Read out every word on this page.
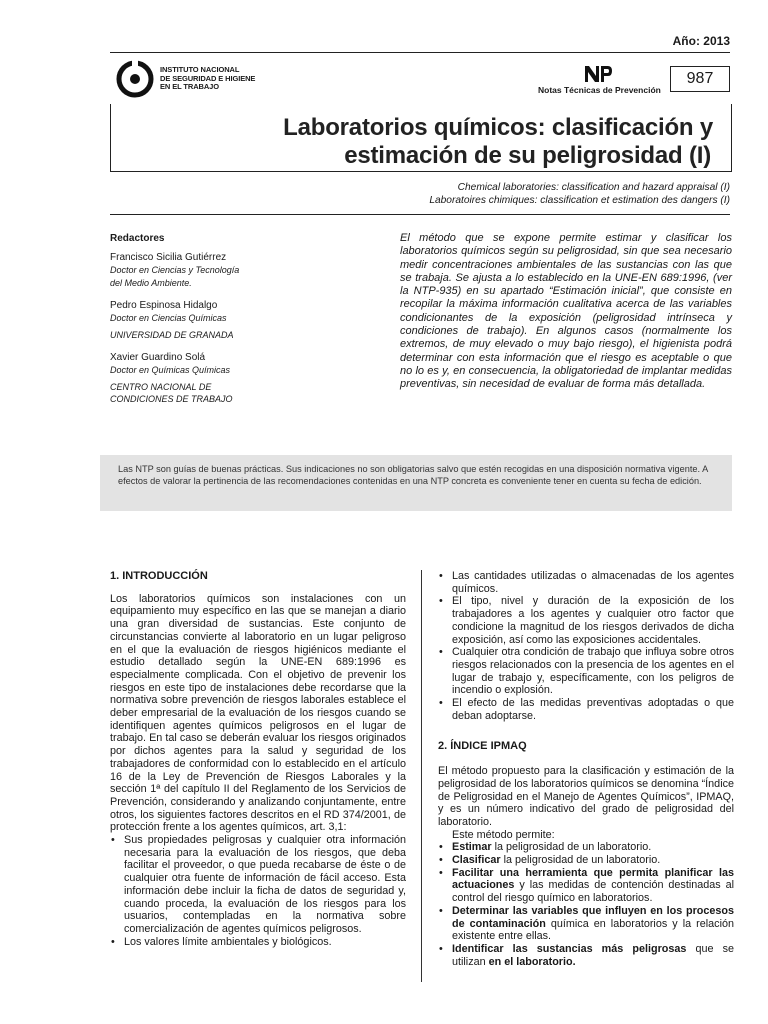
Año: 2013
INSTITUTO NACIONAL
DE SEGURIDAD E HIGIENE
EN EL TRABAJO	Notas Técnicas de Prevención
987
Laboratorios químicos: clasificación y
estimación de su peligrosidad (I)
Chemical laboratories: classification and hazard appraisal (I)
Laboratoires chimiques: classification et estimation des dangers (I)
Redactores
Francisco Sicilia Gutiérrez
Doctor en Ciencias y Tecnología
del Medio Ambiente.
Pedro Espinosa Hidalgo
Doctor en Ciencias Químicas
UNIVERSIDAD DE GRANADA
Xavier Guardino Solá
Doctor en Químicas Químicas
CENTRO NACIONAL DE
CONDICIONES DE TRABAJO
El método que se expone permite estimar y clasificar los laboratorios químicos según su peligrosidad, sin que sea necesario medir concentraciones ambientales de las sustancias con las que se trabaja. Se ajusta a lo establecido en la UNE-EN 689:1996, (ver la NTP-935) en su apartado “Estimación inicial”, que consiste en recopilar la máxima información cualitativa acerca de las variables condicionantes de la exposición (peligrosidad intrínseca y condiciones de trabajo). En algunos casos (normalmente los extremos, de muy elevado o muy bajo riesgo), el higienista podrá determinar con esta información que el riesgo es aceptable o que no lo es y, en consecuencia, la obligatoriedad de implantar medidas preventivas, sin necesidad de evaluar de forma más detallada.
Las NTP son guías de buenas prácticas. Sus indicaciones no son obligatorias salvo que estén recogidas en una disposición normativa vigente. A efectos de valorar la pertinencia de las recomendaciones contenidas en una NTP concreta es conveniente tener en cuenta su fecha de edición.
1. INTRODUCCIÓN
Los laboratorios químicos son instalaciones con un equipamiento muy específico en las que se manejan a diario una gran diversidad de sustancias. Este conjunto de circunstancias convierte al laboratorio en un lugar peligroso en el que la evaluación de riesgos higiénicos mediante el estudio detallado según la UNE-EN 689:1996 es especialmente complicada. Con el objetivo de prevenir los riesgos en este tipo de instalaciones debe recordarse que la normativa sobre prevención de riesgos laborales establece el deber empresarial de la evaluación de los riesgos cuando se identifiquen agentes químicos peligrosos en el lugar de trabajo. En tal caso se deberán evaluar los riesgos originados por dichos agentes para la salud y seguridad de los trabajadores de conformidad con lo establecido en el artículo 16 de la Ley de Prevención de Riesgos Laborales y la sección 1ª del capítulo II del Reglamento de los Servicios de Prevención, considerando y analizando conjuntamente, entre otros, los siguientes factores descritos en el RD 374/2001, de protección frente a los agentes químicos, art. 3,1:
• Sus propiedades peligrosas y cualquier otra información necesaria para la evaluación de los riesgos, que deba facilitar el proveedor, o que pueda recabarse de éste o de cualquier otra fuente de información de fácil acceso. Esta información debe incluir la ficha de datos de seguridad y, cuando proceda, la evaluación de los riesgos para los usuarios, contempladas en la normativa sobre comercialización de agentes químicos peligrosos.
• Los valores límite ambientales y biológicos.
• Las cantidades utilizadas o almacenadas de los agentes químicos.
• El tipo, nivel y duración de la exposición de los trabajadores a los agentes y cualquier otro factor que condicione la magnitud de los riesgos derivados de dicha exposición, así como las exposiciones accidentales.
• Cualquier otra condición de trabajo que influya sobre otros riesgos relacionados con la presencia de los agentes en el lugar de trabajo y, específicamente, con los peligros de incendio o explosión.
• El efecto de las medidas preventivas adoptadas o que deban adoptarse.
2. ÍNDICE IPMAQ
El método propuesto para la clasificación y estimación de la peligrosidad de los laboratorios químicos se denomina “Índice de Peligrosidad en el Manejo de Agentes Químicos”, IPMAQ, y es un número indicativo del grado de peligrosidad del laboratorio.
Este método permite:
• Estimar la peligrosidad de un laboratorio.
• Clasificar la peligrosidad de un laboratorio.
• Facilitar una herramienta que permita planificar las actuaciones y las medidas de contención destinadas al control del riesgo químico en laboratorios.
• Determinar las variables que influyen en los procesos de contaminación química en laboratorios y la relación existente entre ellas.
• Identificar las sustancias más peligrosas que se utilizan en el laboratorio.
